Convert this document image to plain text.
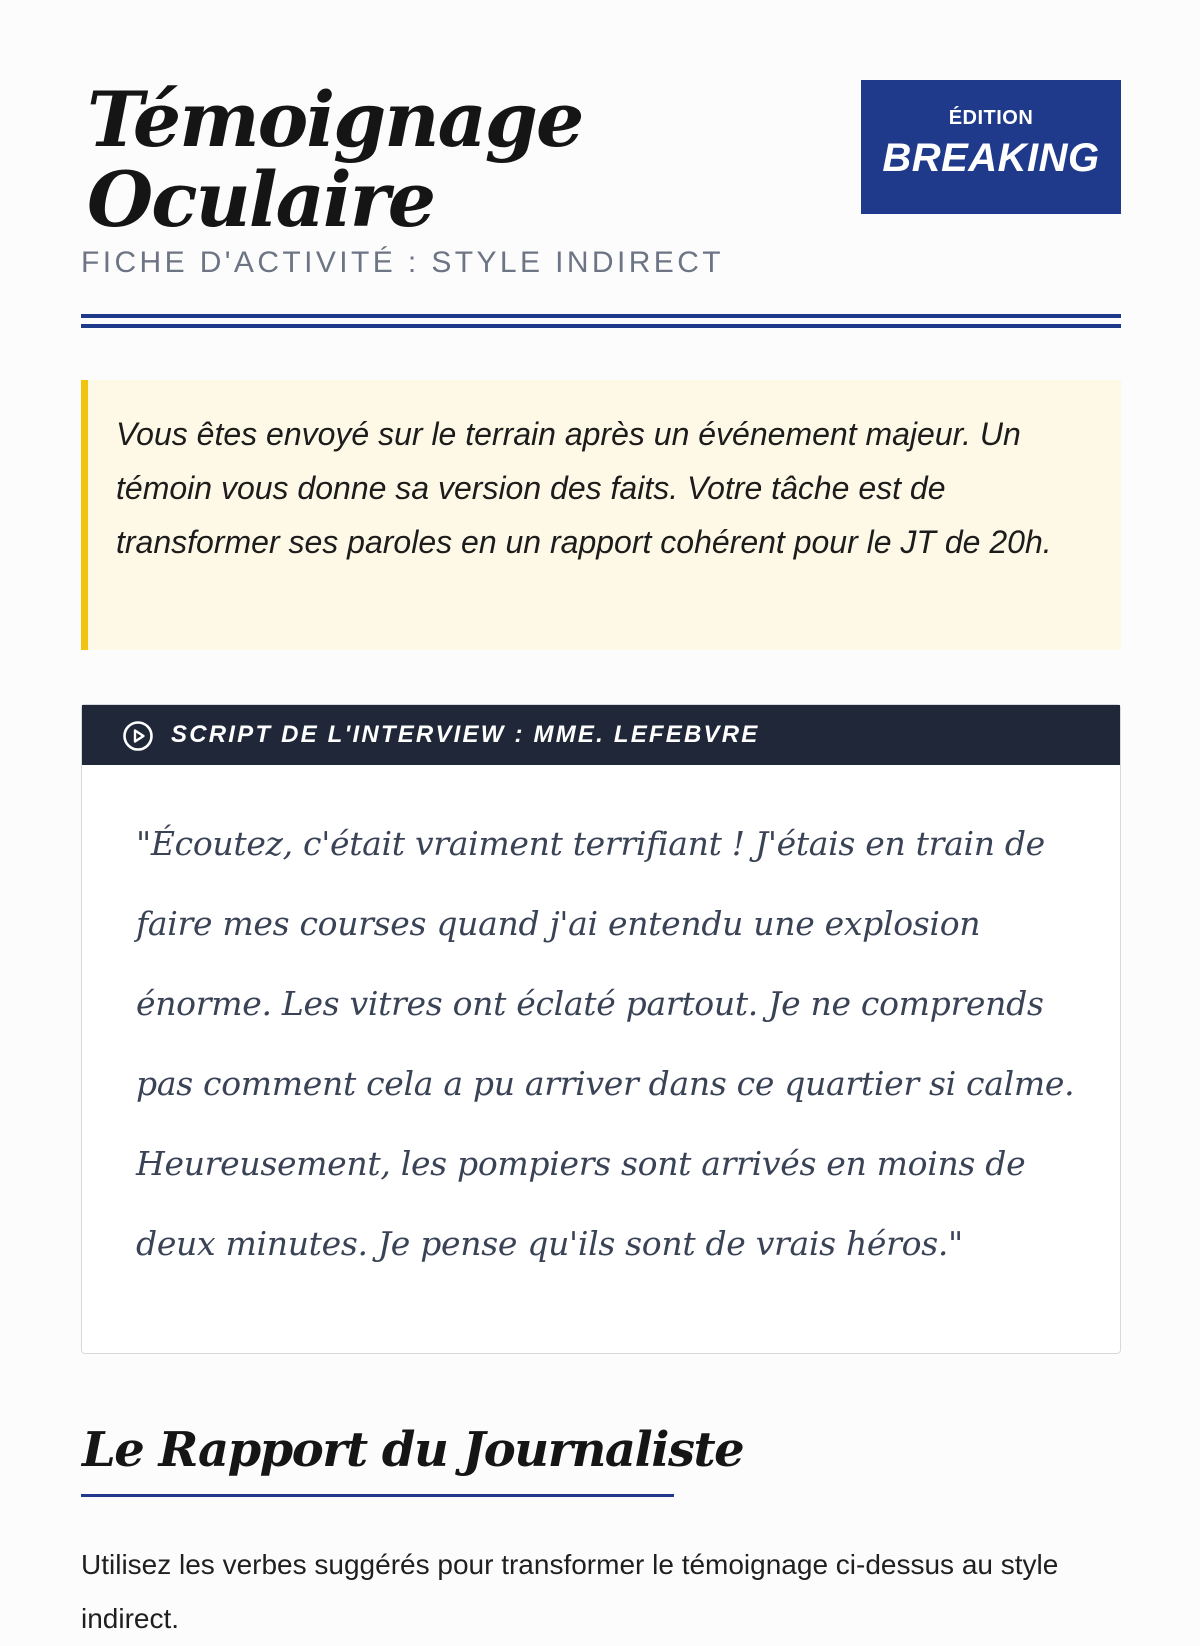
Témoignage
Oculaire
FICHE D'ACTIVITÉ : STYLE INDIRECT
ÉDITION
BREAKING
Vous êtes envoyé sur le terrain après un événement majeur. Un témoin vous donne sa version des faits. Votre tâche est de transformer ses paroles en un rapport cohérent pour le JT de 20h.
SCRIPT DE L'INTERVIEW : MME. LEFEBVRE

"Écoutez, c'était vraiment terrifiant ! J'étais en train de faire mes courses quand j'ai entendu une explosion énorme. Les vitres ont éclaté partout. Je ne comprends pas comment cela a pu arriver dans ce quartier si calme. Heureusement, les pompiers sont arrivés en moins de deux minutes. Je pense qu'ils sont de vrais héros."

Le Rapport du Journaliste
Utilisez les verbes suggérés pour transformer le témoignage ci-dessus au style indirect.
